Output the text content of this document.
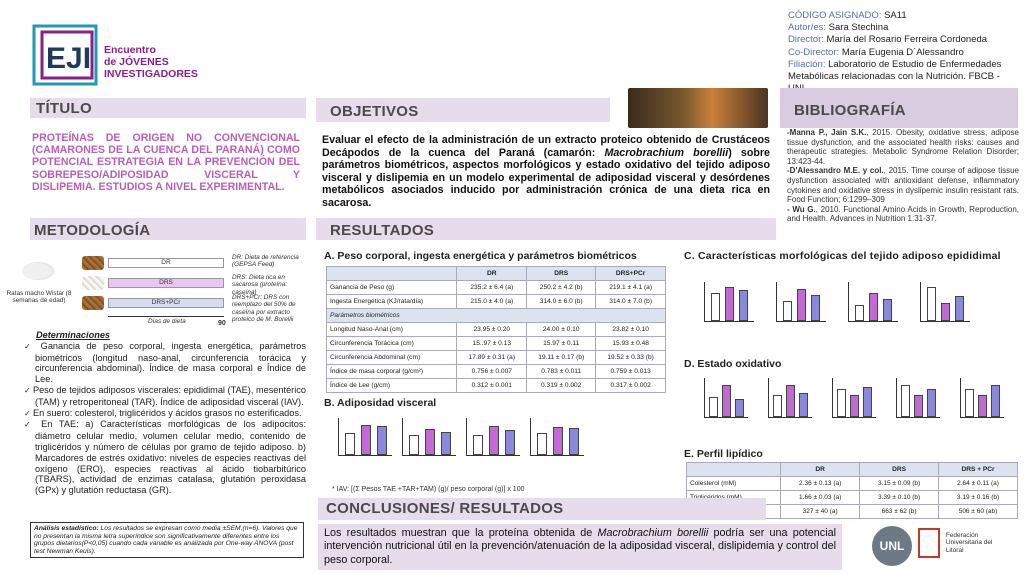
EJI Encuentro
de JÓVENES
INVESTIGADORES
CÓDIGO ASIGNADO: SA11
Autor/es: Sara Stechina
Director: María del Rosario Ferreira Cordoneda
Co-Director: María Eugenia D´Alessandro
Filiación: Laboratorio de Estudio de Enfermedades Metabólicas relacionadas con la Nutrición. FBCB -
TÍTULO	OBJETIVOS	BIBLIOGRAFÍA
PROTEÍNAS DE ORIGEN NO CONVENCIONAL (CAMARONES DE LA CUENCA DEL PARANÁ) COMO POTENCIAL ESTRATEGIA EN LA PREVENCIÓN DEL SOBREPESO/ADIPOSIDAD VISCERAL Y DISLIPEMIA. ESTUDIOS A NIVEL EXPERIMENTAL.
Evaluar el efecto de la administración de un extracto proteico obtenido de Crustáceos Decápodos de la cuenca del Paraná (camarón: Macrobrachium borellii) sobre parámetros biométricos, aspectos morfológicos y estado oxidativo del tejido adiposo visceral y dislipemia en un modelo experimental de adiposidad visceral y desórdenes metabólicos asociados inducido por administración crónica de una dieta rica en sacarosa.
-Manna P., Jain S.K., 2015. Obesity, oxidative stress, adipose tissue dysfunction, and the associated health risks: causes and therapeutic strategies. Metabolic Syndrome Relation Disorder; 13:423-44.
-D'Alessandro M.E. y col., 2015. Time course of adipose tissue dysfunction associated with antioxidant defense, inflammatory cytokines and oxidative stress in dyslipemic insulin resistant rats. Food Function; 6:1299–309
- Wu G., 2010. Functional Amino Acids in Growth, Reproduction, and Health. Advances in Nutrition 1:31-37.
METODOLOGÍA	RESULTADOS
Ratas macho Wistar (8 semanas de edad)
DR
DRS
DRS+PCr
Días de dieta	90
DR: Dieta de referencia (GEPSA Feed)
DRS: Dieta rica en sacarosa (proteína: caseína)
DRS+PCr: DRS con reemplazo del 50% de caseína por extracto proteico de M. Borellii
Determinaciones
✓ Ganancia de peso corporal, ingesta energética, parámetros biométricos (longitud naso-anal, circunferencia torácica y circunferencia abdominal). Índice de masa corporal e Índice de Lee.
✓ Peso de tejidos adiposos viscerales: epididimal (TAE), mesentérico (TAM) y retroperitoneal (TAR). Índice de adiposidad visceral (IAV).
✓ En suero: colesterol, triglicéridos y ácidos grasos no esterificados.
✓ En TAE: a) Características morfológicas de los adipocitos: diámetro celular medio, volumen celular medio, contenido de triglicéridos y número de células por gramo de tejido adiposo. b) Marcadores de estrés oxidativo: niveles de especies reactivas del oxígeno (ERO), especies reactivas al ácido tiobarbitúrico (TBARS), actividad de enzimas catalasa, glutatión peroxidasa (GPx) y glutatión reductasa (GR).
Análisis estadístico: Los resultados se expresan como media ±SEM,(n=6). Valores que no presentan la misma letra superíndice son significativamente diferentes entre los grupos dietarios(P<0,05) cuando cada variable es analizada por One-way ANOVA (post test Newman Keuls).
A. Peso corporal, ingesta energética y parámetros biométricos
	DR	DRS	DRS+PCr
Ganancia de Peso (g)	235.2 ± 6.4 (a)	250.2 ± 4.2 (b)	219.1 ± 4.1 (a)
Ingesta Energética (KJ/rata/día)	215.0 ± 4.0 (a)	314.0 ± 6.0 (b)	314.0 ± 7.0 (b)
Parámetros biométricos			
Longitud Naso-Anal (cm)	23.95 ± 0.20	24.00 ± 0.10	23.82 ± 0.10
Circunferencia Torácica (cm)	15..97 ± 0.13	15.97 ± 0.11	15.93 ± 0.48
Circunferencia Abdominal (cm)	17.89 ± 0.31 (a)	19.11 ± 0.17 (b)	19.52 ± 0.33 (b)
Índice de masa corporal (g/cm²)	0.756 ± 0.007	0.783 ± 0.011	0.759 ± 0.013
Índice de Lee (g/cm)	0.312 ± 0.001	0.319 ± 0.002	0.317 ± 0.002
B. Adiposidad visceral
* IAV: [(Σ Pesos TAE +TAR+TAM) (g)/ peso corporal (g)] x 100
C. Características morfológicas del tejido adiposo epididimal
D. Estado oxidativo
E. Perfil lipídico
	DR	DRS	DRS + PCr
Colesterol (mM)	2.36 ± 0.13 (a)	3.15 ± 0.09 (b)	2.64 ± 0.11 (a)
	1.66 ± 0.03 (a)	3.39 ± 0.10 (b)	3.19 ± 0.16 (b)
	327 ± 40 (a)	663 ± 62 (b)	506 ± 60 (ab)
CONCLUSIONES/ RESULTADOS
Los resultados muestran que la proteína obtenida de Macrobrachium borellii podría ser una potencial intervención nutricional útil en la prevención/atenuación de la adiposidad visceral, dislipidemia y control del peso corporal.
UNL
Federación Universitaria del Litoral
